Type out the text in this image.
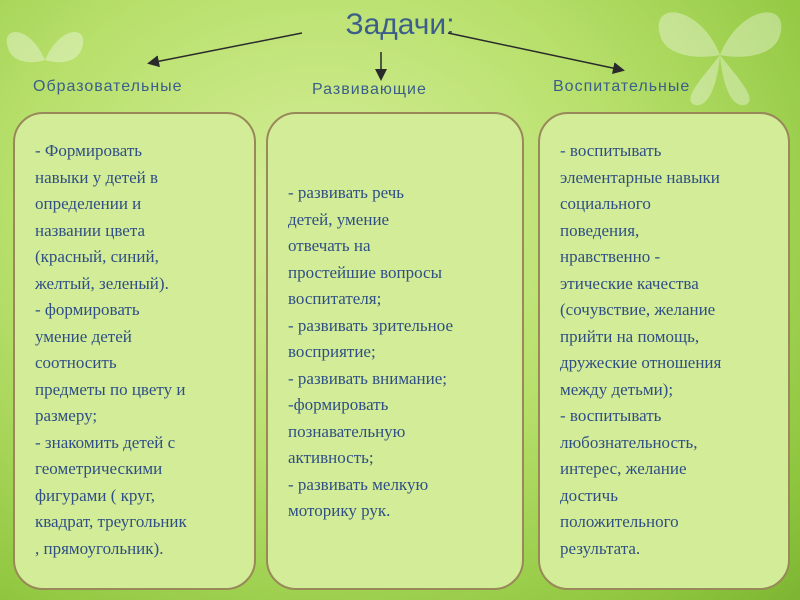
Задачи:
Образовательные	Развивающие	Воспитательные
- Формировать
навыки у детей в
определении и
названии цвета
(красный, синий,
желтый, зеленый).
- формировать
умение детей
соотносить
предметы по цвету и
размеру;
- знакомить детей с
геометрическими
фигурами ( круг,
квадрат, треугольник
, прямоугольник).
- развивать речь
детей, умение
отвечать на
простейшие вопросы
воспитателя;
- развивать зрительное
восприятие;
- развивать внимание;
-формировать
познавательную
активность;
- развивать мелкую
моторику рук.
- воспитывать
элементарные навыки
социального
поведения,
нравственно -
этические качества
(сочувствие, желание
прийти на помощь,
дружеские отношения
между детьми);
- воспитывать
любознательность,
интерес, желание
достичь
положительного
результата.
